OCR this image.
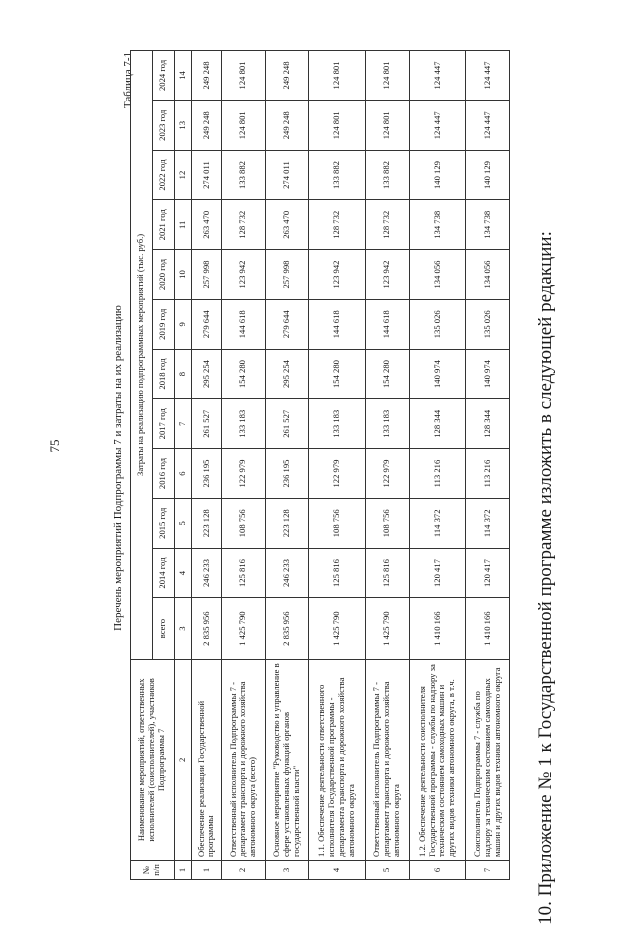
75
Таблица 7-1
Перечень мероприятий Подпрограммы 7 и затраты на их реализацию
№ п/п	Наименование мероприятий, ответственных исполнителей (соисполнителей), участников Подпрограммы 7	Затраты на реализацию подпрограммных мероприятий (тыс. руб.)											
		всего	2014 год	2015 год	2016 год	2017 год	2018 год	2019 год	2020 год	2021 год	2022 год	2023 год	2024 год
1	2	3	4	5	6	7	8	9	10	11	12	13	14
1	Обеспечение реализации Государственной программы	2 835 956	246 233	223 128	236 195	261 527	295 254	279 644	257 998	263 470	274 011	249 248	249 248
2	Ответственный исполнитель Подпрограммы 7 - департамент транспорта и дорожного хозяйства автономного округа (всего)	1 425 790	125 816	108 756	122 979	133 183	154 280	144 618	123 942	128 732	133 882	124 801	124 801
3	Основное мероприятие "Руководство и управление в сфере установленных функций органов государственной власти"	2 835 956	246 233	223 128	236 195	261 527	295 254	279 644	257 998	263 470	274 011	249 248	249 248
4	1.1. Обеспечение деятельности ответственного исполнителя Государственной программы - департамента транспорта и дорожного хозяйства автономного округа	1 425 790	125 816	108 756	122 979	133 183	154 280	144 618	123 942	128 732	133 882	124 801	124 801
5	Ответственный исполнитель Подпрограммы 7 - департамент транспорта и дорожного хозяйства автономного округа	1 425 790	125 816	108 756	122 979	133 183	154 280	144 618	123 942	128 732	133 882	124 801	124 801
6	1.2. Обеспечение деятельности соисполнителя Государственной программы - службы по надзору за техническим состоянием самоходных машин и других видов техники автономного округа, в т.ч.	1 410 166	120 417	114 372	113 216	128 344	140 974	135 026	134 056	134 738	140 129	124 447	124 447
7	Соисполнитель Подпрограммы 7 - служба по надзору за техническим состоянием самоходных машин и других видов техники автономного округа	1 410 166	120 417	114 372	113 216	128 344	140 974	135 026	134 056	134 738	140 129	124 447	124 447
10. Приложение № 1 к Государственной программе изложить в следующей редакции:
